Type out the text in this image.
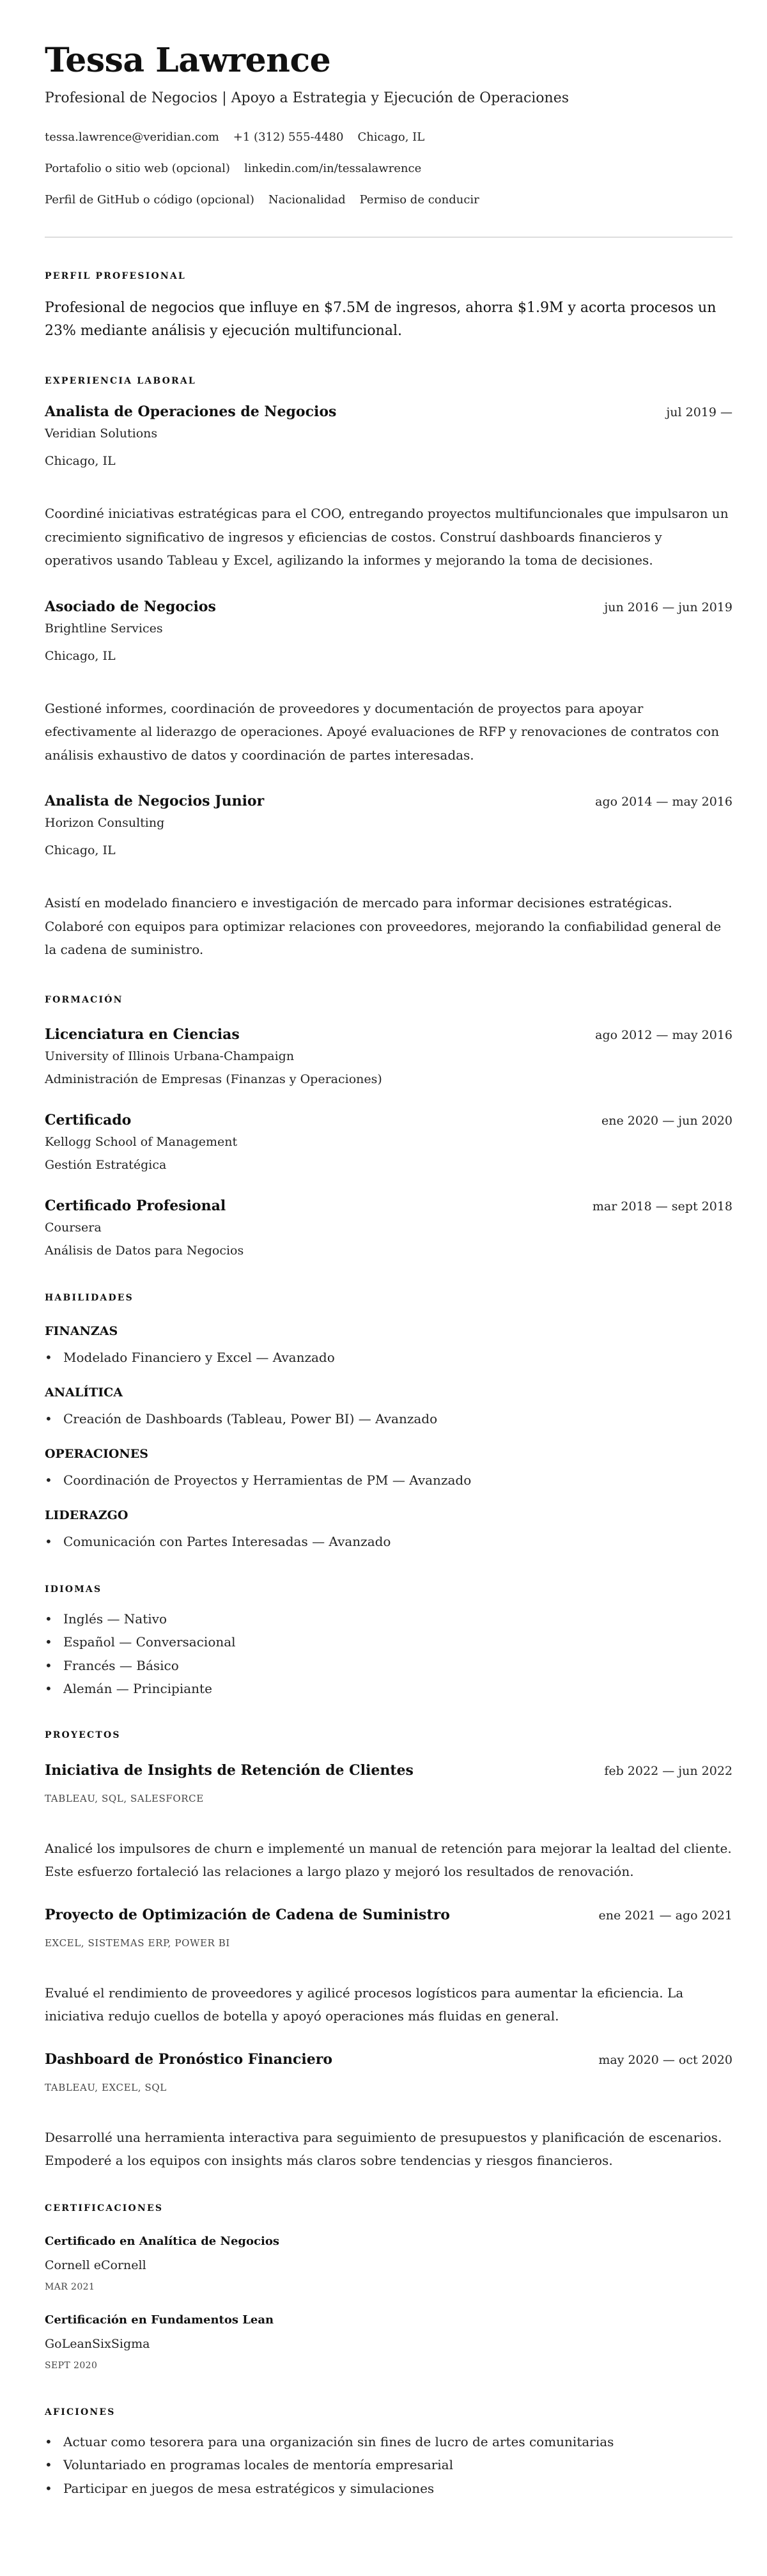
Tessa Lawrence
Profesional de Negocios | Apoyo a Estrategia y Ejecución de Operaciones
tessa.lawrence@veridian.com +1 (312) 555-4480 Chicago, IL
Portafolio o sitio web (opcional) linkedin.com/in/tessalawrence
Perfil de GitHub o código (opcional) Nacionalidad Permiso de conducir
PERFIL PROFESIONAL

Profesional de negocios que influye en $7.5M de ingresos, ahorra $1.9M y acorta procesos un 23% mediante análisis y ejecución multifuncional.

EXPERIENCIA LABORAL
Analista de Operaciones de Negocios	jul 2019 —
Veridian Solutions
Chicago, IL

Coordiné iniciativas estratégicas para el COO, entregando proyectos multifuncionales que impulsaron un crecimiento significativo de ingresos y eficiencias de costos. Construí dashboards financieros y operativos usando Tableau y Excel, agilizando la informes y mejorando la toma de decisiones.

Asociado de Negocios	jun 2016 — jun 2019
Brightline Services
Chicago, IL

Gestioné informes, coordinación de proveedores y documentación de proyectos para apoyar efectivamente al liderazgo de operaciones. Apoyé evaluaciones de RFP y renovaciones de contratos con análisis exhaustivo de datos y coordinación de partes interesadas.

Analista de Negocios Junior	ago 2014 — may 2016
Horizon Consulting
Chicago, IL

Asistí en modelado financiero e investigación de mercado para informar decisiones estratégicas. Colaboré con equipos para optimizar relaciones con proveedores, mejorando la confiabilidad general de la cadena de suministro.

FORMACIÓN
Licenciatura en Ciencias	ago 2012 — may 2016
University of Illinois Urbana-Champaign
Administración de Empresas (Finanzas y Operaciones)
Certificado	ene 2020 — jun 2020
Kellogg School of Management
Gestión Estratégica
Certificado Profesional	mar 2018 — sept 2018
Coursera
Análisis de Datos para Negocios
HABILIDADES
FINANZAS
• Modelado Financiero y Excel — Avanzado
ANALÍTICA
• Creación de Dashboards (Tableau, Power BI) — Avanzado
OPERACIONES
• Coordinación de Proyectos y Herramientas de PM — Avanzado
LIDERAZGO
• Comunicación con Partes Interesadas — Avanzado
IDIOMAS
• Inglés — Nativo
• Español — Conversacional
• Francés — Básico
• Alemán — Principiante
PROYECTOS
Iniciativa de Insights de Retención de Clientes	feb 2022 — jun 2022
TABLEAU, SQL, SALESFORCE

Analicé los impulsores de churn e implementé un manual de retención para mejorar la lealtad del cliente. Este esfuerzo fortaleció las relaciones a largo plazo y mejoró los resultados de renovación.

Proyecto de Optimización de Cadena de Suministro	ene 2021 — ago 2021
EXCEL, SISTEMAS ERP, POWER BI

Evalué el rendimiento de proveedores y agilicé procesos logísticos para aumentar la eficiencia. La iniciativa redujo cuellos de botella y apoyó operaciones más fluidas en general.

Dashboard de Pronóstico Financiero	may 2020 — oct 2020
TABLEAU, EXCEL, SQL

Desarrollé una herramienta interactiva para seguimiento de presupuestos y planificación de escenarios. Empoderé a los equipos con insights más claros sobre tendencias y riesgos financieros.

CERTIFICACIONES
Certificado en Analítica de Negocios
Cornell eCornell
MAR 2021
Certificación en Fundamentos Lean
GoLeanSixSigma
SEPT 2020
AFICIONES
• Actuar como tesorera para una organización sin fines de lucro de artes comunitarias
• Voluntariado en programas locales de mentoría empresarial
• Participar en juegos de mesa estratégicos y simulaciones
